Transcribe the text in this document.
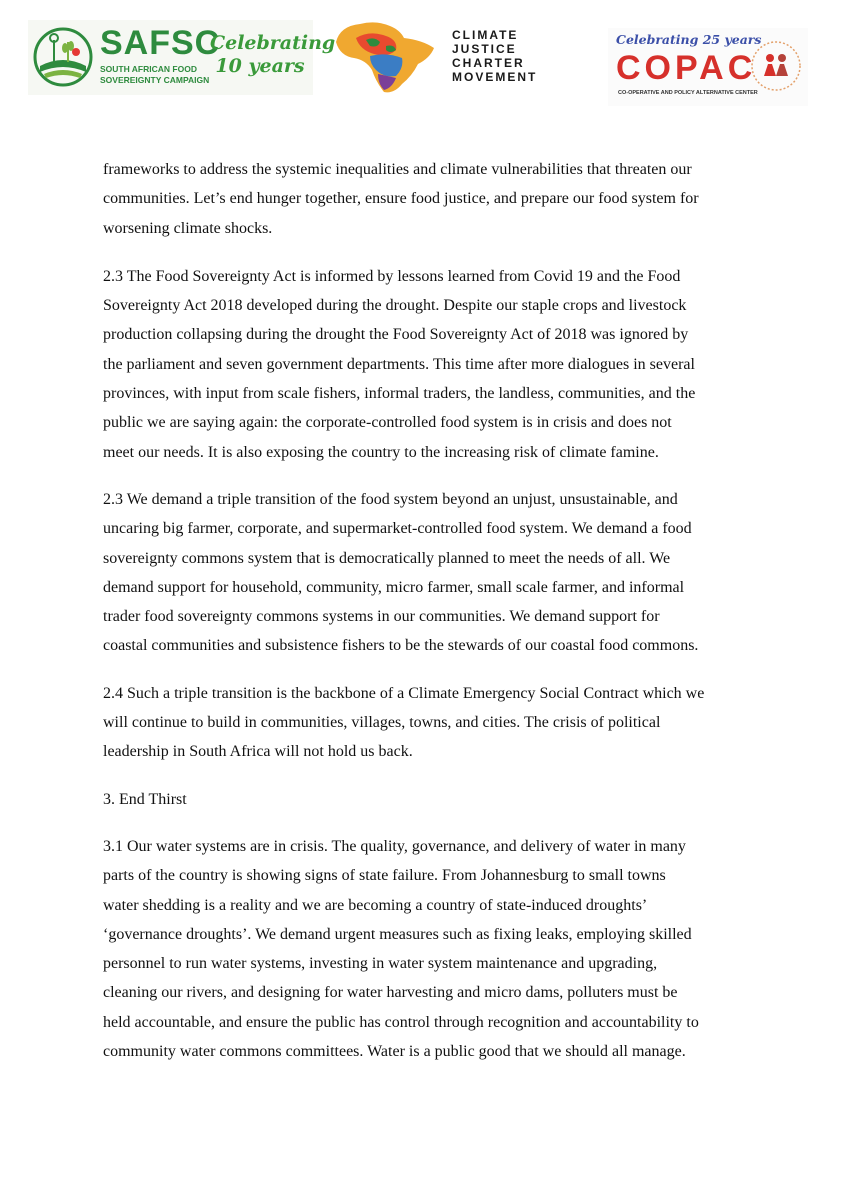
SAFSC
SOUTH AFRICAN FOOD
SOVEREIGNTY CAMPAIGN
Celebrating
10 years
CLIMATE
JUSTICE
CHARTER
MOVEMENT
Celebrating 25 years
COPAC
CO-OPERATIVE AND POLICY ALTERNATIVE CENTER

frameworks to address the systemic inequalities and climate vulnerabilities that threaten our
communities. Let’s end hunger together, ensure food justice, and prepare our food system for
worsening climate shocks.

2.3 The Food Sovereignty Act is informed by lessons learned from Covid 19 and the Food
Sovereignty Act 2018 developed during the drought. Despite our staple crops and livestock
production collapsing during the drought the Food Sovereignty Act of 2018 was ignored by
the parliament and seven government departments. This time after more dialogues in several
provinces, with input from scale fishers, informal traders, the landless, communities, and the
public we are saying again: the corporate-controlled food system is in crisis and does not
meet our needs. It is also exposing the country to the increasing risk of climate famine.

2.3 We demand a triple transition of the food system beyond an unjust, unsustainable, and
uncaring big farmer, corporate, and supermarket-controlled food system. We demand a food
sovereignty commons system that is democratically planned to meet the needs of all. We
demand support for household, community, micro farmer, small scale farmer, and informal
trader food sovereignty commons systems in our communities. We demand support for
coastal communities and subsistence fishers to be the stewards of our coastal food commons.

2.4 Such a triple transition is the backbone of a Climate Emergency Social Contract which we
will continue to build in communities, villages, towns, and cities. The crisis of political
leadership in South Africa will not hold us back.

3. End Thirst

3.1 Our water systems are in crisis. The quality, governance, and delivery of water in many
parts of the country is showing signs of state failure. From Johannesburg to small towns
water shedding is a reality and we are becoming a country of state-induced droughts’
‘governance droughts’. We demand urgent measures such as fixing leaks, employing skilled
personnel to run water systems, investing in water system maintenance and upgrading,
cleaning our rivers, and designing for water harvesting and micro dams, polluters must be
held accountable, and ensure the public has control through recognition and accountability to
community water commons committees. Water is a public good that we should all manage.
